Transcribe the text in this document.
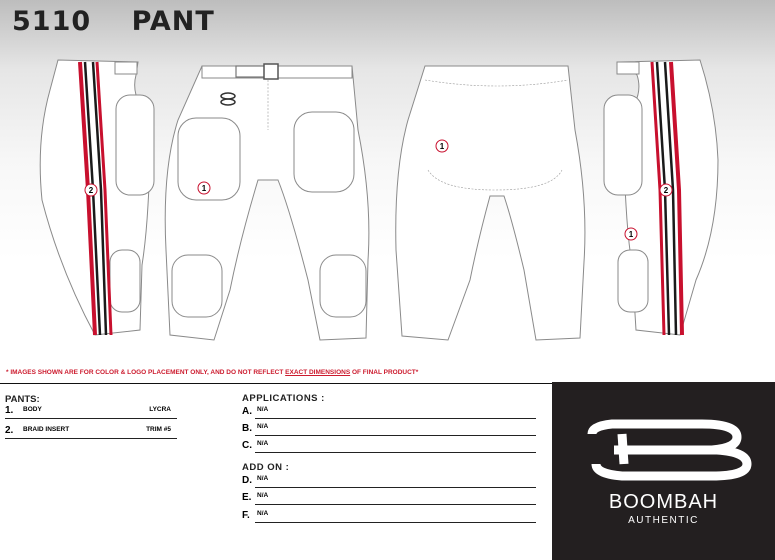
5110 PANT
1
1
1
2	2
* IMAGES SHOWN ARE FOR COLOR & LOGO PLACEMENT ONLY, AND DO NOT REFLECT EXACT DIMENSIONS OF FINAL PRODUCT*
PANTS:
1. BODY	LYCRA
2. BRAID INSERT	TRIM #5
APPLICATIONS :
A. N/A
B. N/A
C. N/A
ADD ON :
D. N/A
E. N/A
F. N/A
BOOMBAH
AUTHENTIC
